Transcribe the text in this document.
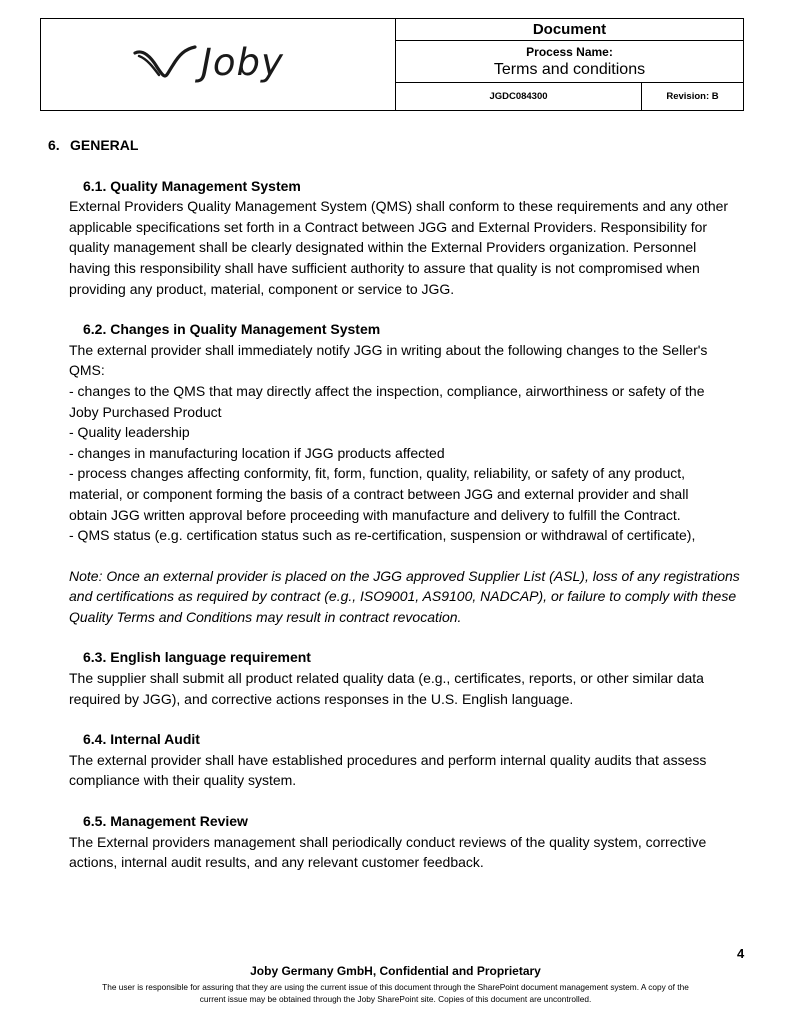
Joby
Document
Process Name:
Terms and conditions
JGDC084300	Revision: B
6. GENERAL
6.1. Quality Management System
External Providers Quality Management System (QMS) shall conform to these requirements and any other
applicable specifications set forth in a Contract between JGG and External Providers. Responsibility for
quality management shall be clearly designated within the External Providers organization. Personnel
having this responsibility shall have sufficient authority to assure that quality is not compromised when
providing any product, material, component or service to JGG.
6.2. Changes in Quality Management System
The external provider shall immediately notify JGG in writing about the following changes to the Seller's
QMS:
- changes to the QMS that may directly affect the inspection, compliance, airworthiness or safety of the
Joby Purchased Product
- Quality leadership
- changes in manufacturing location if JGG products affected
- process changes affecting conformity, fit, form, function, quality, reliability, or safety of any product,
material, or component forming the basis of a contract between JGG and external provider and shall
obtain JGG written approval before proceeding with manufacture and delivery to fulfill the Contract.
- QMS status (e.g. certification status such as re-certification, suspension or withdrawal of certificate),
Note: Once an external provider is placed on the JGG approved Supplier List (ASL), loss of any registrations
and certifications as required by contract (e.g., ISO9001, AS9100, NADCAP), or failure to comply with these
Quality Terms and Conditions may result in contract revocation.
6.3. English language requirement
The supplier shall submit all product related quality data (e.g., certificates, reports, or other similar data
required by JGG), and corrective actions responses in the U.S. English language.
6.4. Internal Audit
The external provider shall have established procedures and perform internal quality audits that assess
compliance with their quality system.
6.5. Management Review
The External providers management shall periodically conduct reviews of the quality system, corrective
actions, internal audit results, and any relevant customer feedback.
4
Joby Germany GmbH, Confidential and Proprietary
The user is responsible for assuring that they are using the current issue of this document through the SharePoint document management system. A copy of the
current issue may be obtained through the Joby SharePoint site. Copies of this document are uncontrolled.
